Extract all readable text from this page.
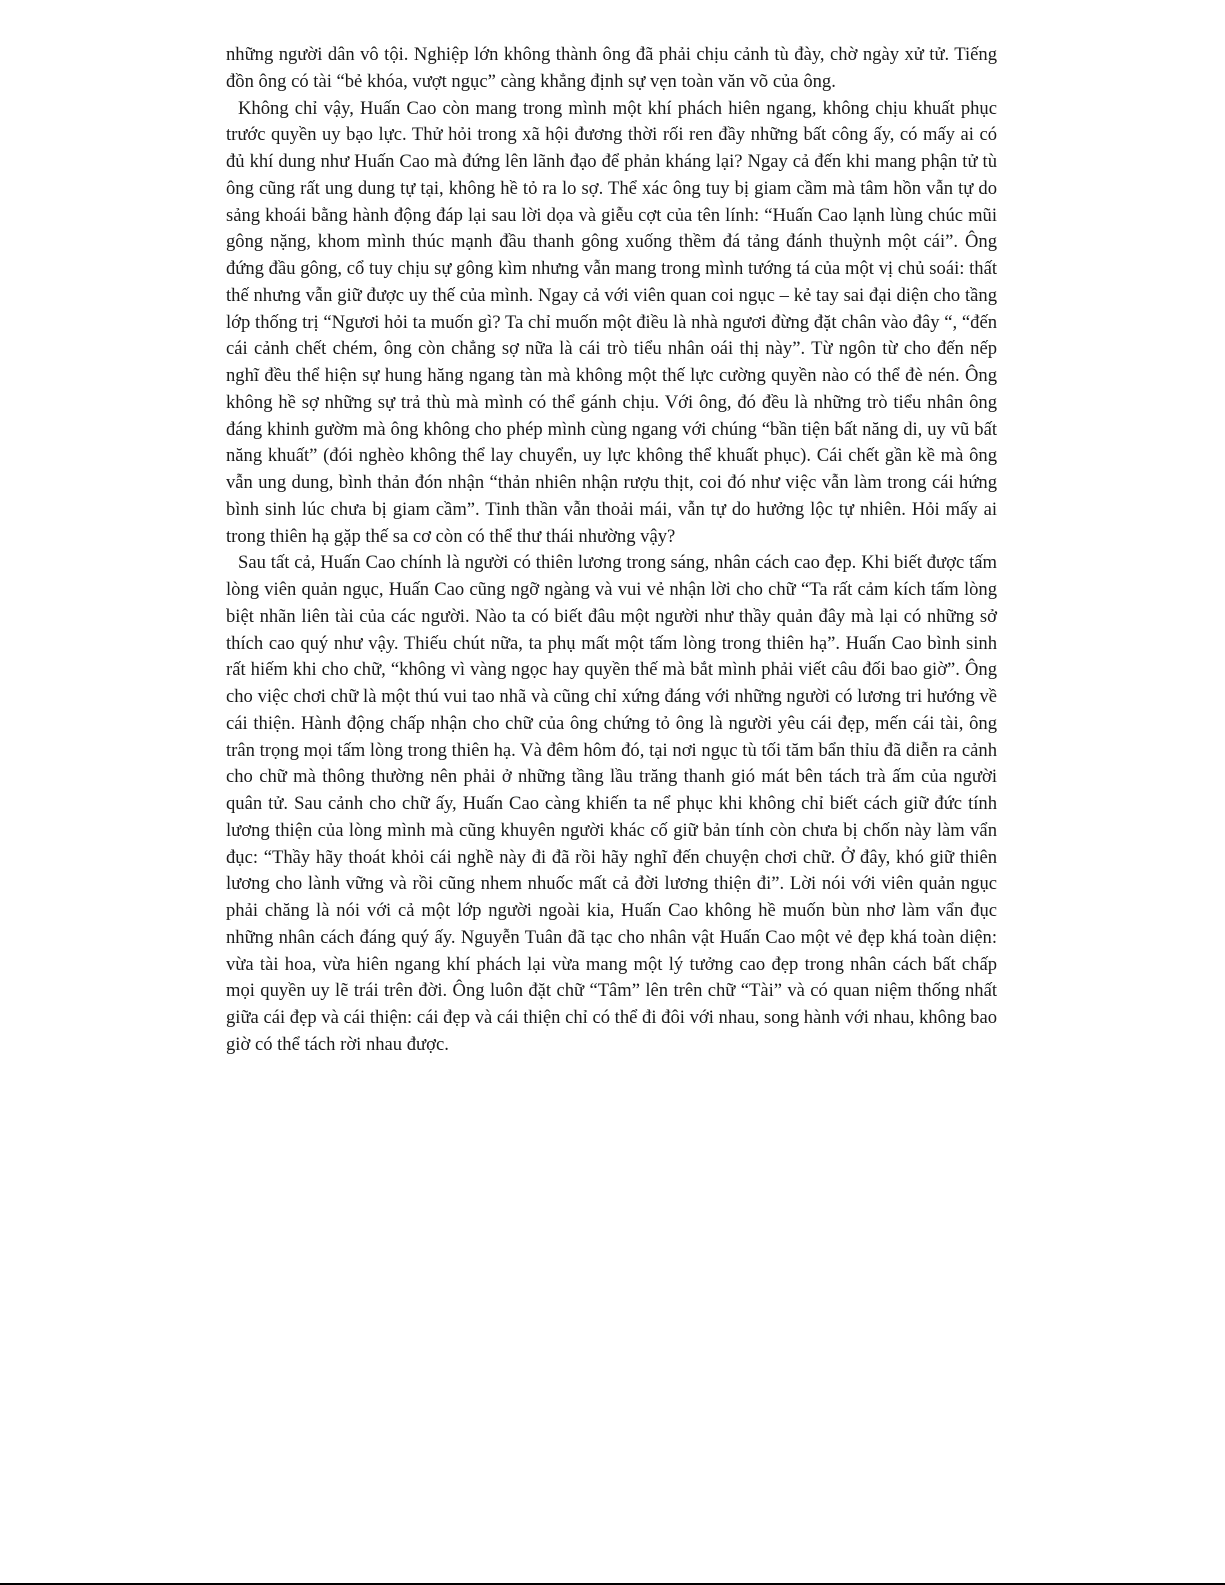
những người dân vô tội. Nghiệp lớn không thành ông đã phải chịu cảnh tù đày, chờ ngày xử tử. Tiếng đồn ông có tài “bẻ khóa, vượt ngục” càng khẳng định sự vẹn toàn văn võ của ông.

Không chỉ vậy, Huấn Cao còn mang trong mình một khí phách hiên ngang, không chịu khuất phục trước quyền uy bạo lực. Thử hỏi trong xã hội đương thời rối ren đầy những bất công ấy, có mấy ai có đủ khí dung như Huấn Cao mà đứng lên lãnh đạo để phản kháng lại? Ngay cả đến khi mang phận tử tù ông cũng rất ung dung tự tại, không hề tỏ ra lo sợ. Thể xác ông tuy bị giam cầm mà tâm hồn vẫn tự do sảng khoái bằng hành động đáp lại sau lời dọa và giễu cợt của tên lính: “Huấn Cao lạnh lùng chúc mũi gông nặng, khom mình thúc mạnh đầu thanh gông xuống thềm đá tảng đánh thuỳnh một cái”. Ông đứng đầu gông, cổ tuy chịu sự gông kìm nhưng vẫn mang trong mình tướng tá của một vị chủ soái: thất thế nhưng vẫn giữ được uy thế của mình. Ngay cả với viên quan coi ngục – kẻ tay sai đại diện cho tầng lớp thống trị “Ngươi hỏi ta muốn gì? Ta chỉ muốn một điều là nhà ngươi đừng đặt chân vào đây “, “đến cái cảnh chết chém, ông còn chẳng sợ nữa là cái trò tiểu nhân oái thị này”. Từ ngôn từ cho đến nếp nghĩ đều thể hiện sự hung hăng ngang tàn mà không một thế lực cường quyền nào có thể đè nén. Ông không hề sợ những sự trả thù mà mình có thể gánh chịu. Với ông, đó đều là những trò tiểu nhân ông đáng khinh gườm mà ông không cho phép mình cùng ngang với chúng “bần tiện bất năng di, uy vũ bất năng khuất” (đói nghèo không thể lay chuyển, uy lực không thể khuất phục). Cái chết gần kề mà ông vẫn ung dung, bình thản đón nhận “thản nhiên nhận rượu thịt, coi đó như việc vẫn làm trong cái hứng bình sinh lúc chưa bị giam cầm”. Tinh thần vẫn thoải mái, vẫn tự do hưởng lộc tự nhiên. Hỏi mấy ai trong thiên hạ gặp thế sa cơ còn có thể thư thái nhường vậy?

Sau tất cả, Huấn Cao chính là người có thiên lương trong sáng, nhân cách cao đẹp. Khi biết được tấm lòng viên quản ngục, Huấn Cao cũng ngỡ ngàng và vui vẻ nhận lời cho chữ “Ta rất cảm kích tấm lòng biệt nhãn liên tài của các người. Nào ta có biết đâu một người như thầy quản đây mà lại có những sở thích cao quý như vậy. Thiếu chút nữa, ta phụ mất một tấm lòng trong thiên hạ”. Huấn Cao bình sinh rất hiếm khi cho chữ, “không vì vàng ngọc hay quyền thế mà bắt mình phải viết câu đối bao giờ”. Ông cho việc chơi chữ là một thú vui tao nhã và cũng chỉ xứng đáng với những người có lương tri hướng về cái thiện. Hành động chấp nhận cho chữ của ông chứng tỏ ông là người yêu cái đẹp, mến cái tài, ông trân trọng mọi tấm lòng trong thiên hạ. Và đêm hôm đó, tại nơi ngục tù tối tăm bẩn thỉu đã diễn ra cảnh cho chữ mà thông thường nên phải ở những tầng lầu trăng thanh gió mát bên tách trà ấm của người quân tử. Sau cảnh cho chữ ấy, Huấn Cao càng khiến ta nể phục khi không chỉ biết cách giữ đức tính lương thiện của lòng mình mà cũng khuyên người khác cố giữ bản tính còn chưa bị chốn này làm vẩn đục: “Thầy hãy thoát khỏi cái nghề này đi đã rồi hãy nghĩ đến chuyện chơi chữ. Ở đây, khó giữ thiên lương cho lành vững và rồi cũng nhem nhuốc mất cả đời lương thiện đi”. Lời nói với viên quản ngục phải chăng là nói với cả một lớp người ngoài kia, Huấn Cao không hề muốn bùn nhơ làm vẩn đục những nhân cách đáng quý ấy. Nguyễn Tuân đã tạc cho nhân vật Huấn Cao một vẻ đẹp khá toàn diện: vừa tài hoa, vừa hiên ngang khí phách lại vừa mang một lý tưởng cao đẹp trong nhân cách bất chấp mọi quyền uy lẽ trái trên đời. Ông luôn đặt chữ “Tâm” lên trên chữ “Tài” và có quan niệm thống nhất giữa cái đẹp và cái thiện: cái đẹp và cái thiện chỉ có thể đi đôi với nhau, song hành với nhau, không bao giờ có thể tách rời nhau được.
